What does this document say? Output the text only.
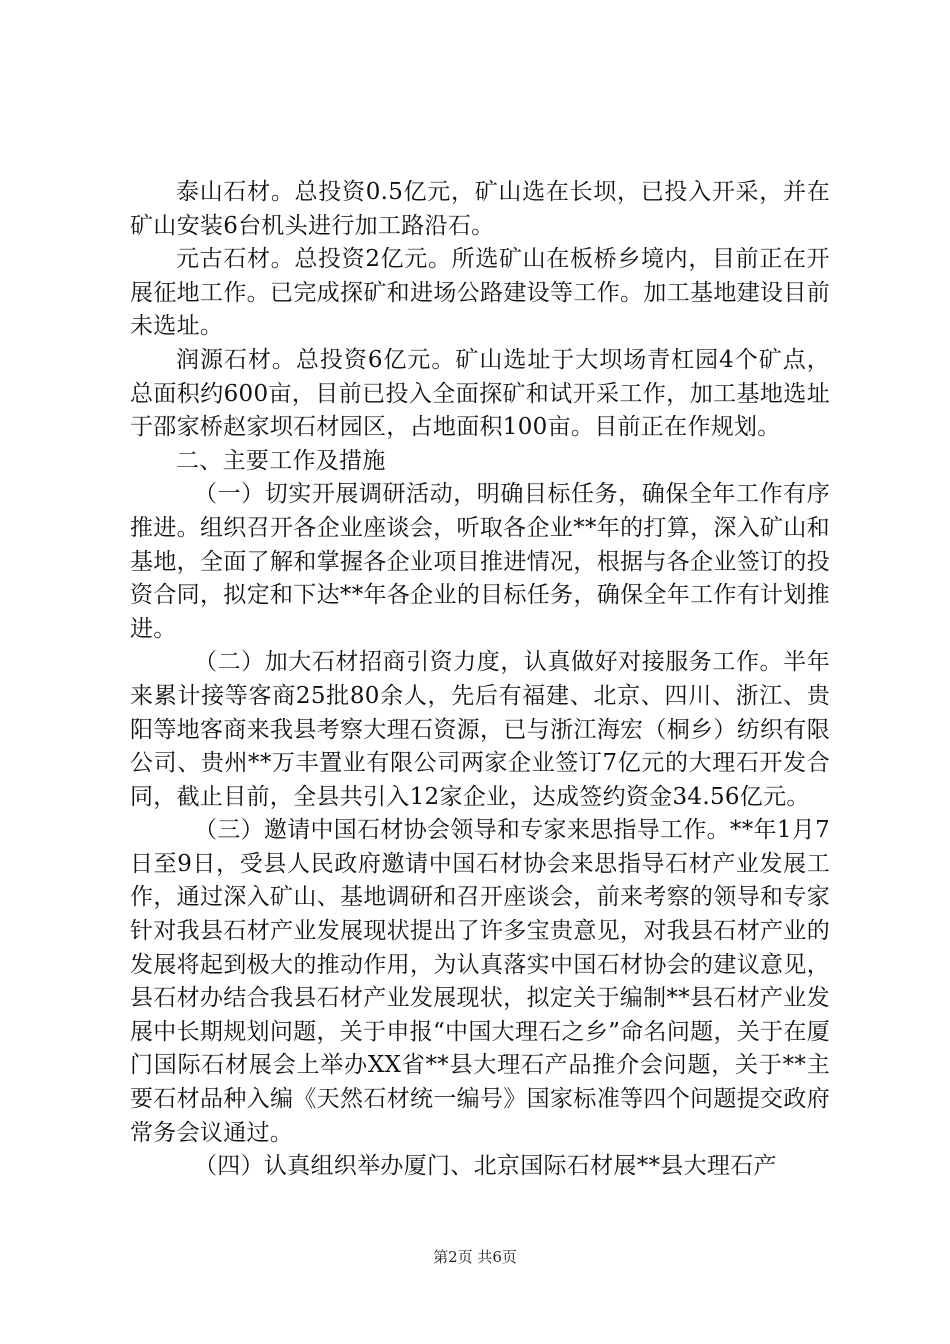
泰山石材。总投资0.5亿元，矿山选在长坝，已投入开采，并在矿山安装6台机头进行加工路沿石。

元古石材。总投资2亿元。所选矿山在板桥乡境内，目前正在开展征地工作。已完成探矿和进场公路建设等工作。加工基地建设目前未选址。

润源石材。总投资6亿元。矿山选址于大坝场青杠园4个矿点，总面积约600亩，目前已投入全面探矿和试开采工作，加工基地选址于邵家桥赵家坝石材园区，占地面积100亩。目前正在作规划。

二、主要工作及措施

（一）切实开展调研活动，明确目标任务，确保全年工作有序推进。组织召开各企业座谈会，听取各企业**年的打算，深入矿山和基地，全面了解和掌握各企业项目推进情况，根据与各企业签订的投资合同，拟定和下达**年各企业的目标任务，确保全年工作有计划推进。

（二）加大石材招商引资力度，认真做好对接服务工作。半年来累计接等客商25批80余人，先后有福建、北京、四川、浙江、贵阳等地客商来我县考察大理石资源，已与浙江海宏（桐乡）纺织有限公司、贵州**万丰置业有限公司两家企业签订7亿元的大理石开发合同，截止目前，全县共引入12家企业，达成签约资金34.56亿元。

（三）邀请中国石材协会领导和专家来思指导工作。**年1月7日至9日，受县人民政府邀请中国石材协会来思指导石材产业发展工作，通过深入矿山、基地调研和召开座谈会，前来考察的领导和专家针对我县石材产业发展现状提出了许多宝贵意见，对我县石材产业的发展将起到极大的推动作用，为认真落实中国石材协会的建议意见，县石材办结合我县石材产业发展现状，拟定关于编制**县石材产业发展中长期规划问题，关于申报“中国大理石之乡”命名问题，关于在厦门国际石材展会上举办XX省**县大理石产品推介会问题，关于**主要石材品种入编《天然石材统一编号》国家标准等四个问题提交政府常务会议通过。

（四）认真组织举办厦门、北京国际石材展**县大理石产

第2页 共6页
